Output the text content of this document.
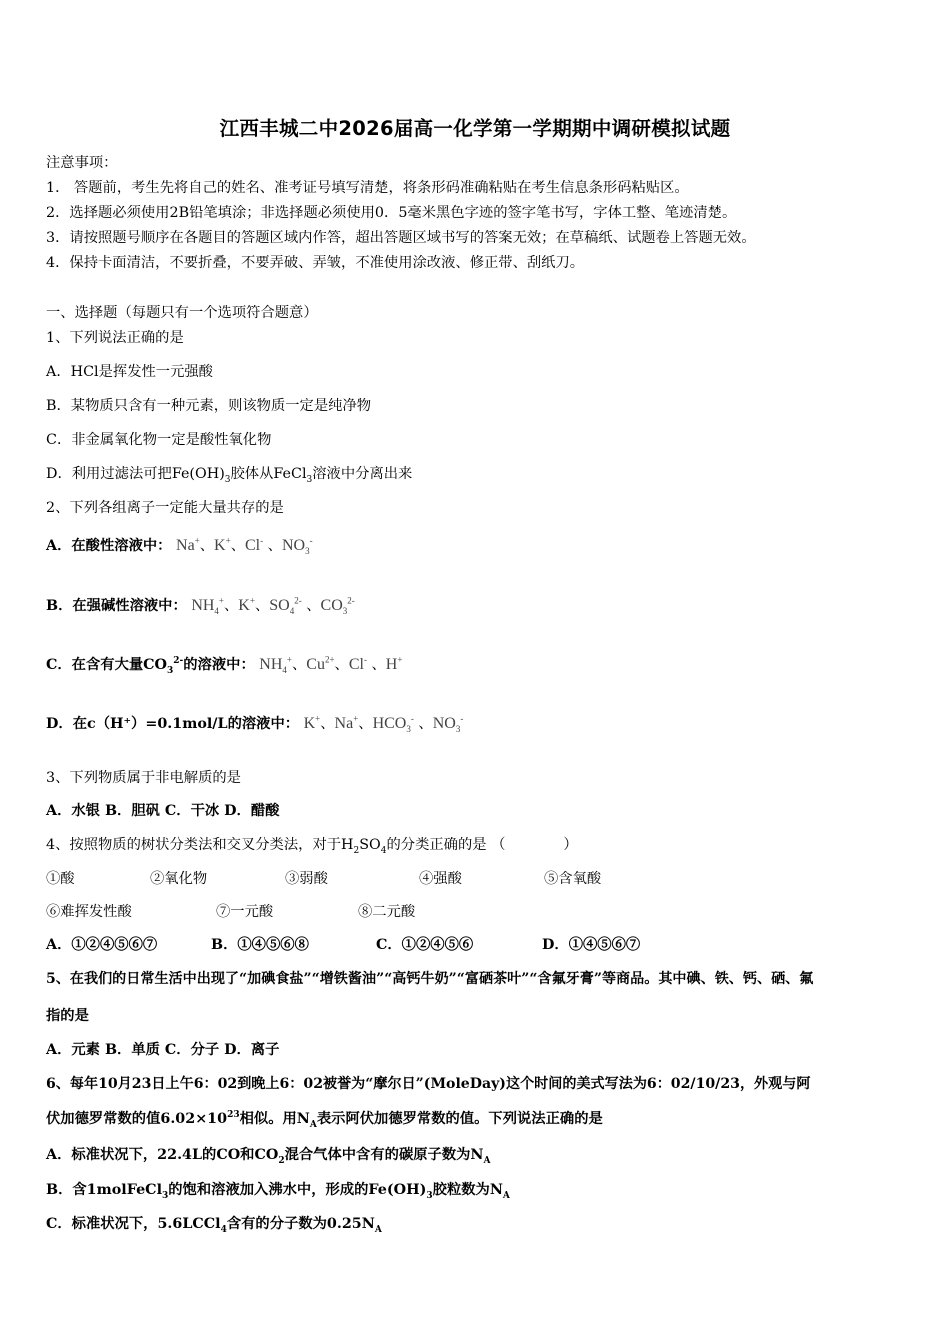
江西丰城二中2026届高一化学第一学期期中调研模拟试题
注意事项：
1． 答题前，考生先将自己的姓名、准考证号填写清楚，将条形码准确粘贴在考生信息条形码粘贴区。
2．选择题必须使用2B铅笔填涂；非选择题必须使用0．5毫米黑色字迹的签字笔书写，字体工整、笔迹清楚。
3．请按照题号顺序在各题目的答题区域内作答，超出答题区域书写的答案无效；在草稿纸、试题卷上答题无效。
4．保持卡面清洁，不要折叠，不要弄破、弄皱，不准使用涂改液、修正带、刮纸刀。
一、选择题（每题只有一个选项符合题意）
1、下列说法正确的是
A．HCl是挥发性一元强酸
B．某物质只含有一种元素，则该物质一定是纯净物
C．非金属氧化物一定是酸性氧化物
D．利用过滤法可把$Fe(OH)_3$胶体从FeCl$_3$溶液中分离出来
2、下列各组离子一定能大量共存的是
A．在酸性溶液中： Na+、K+、Cl- 、$NO_3^-$
B．在强碱性溶液中： $NH_4^+$、K+、$SO_4^{2-}$ 、$CO_3^{2-}$
C．在含有大量$CO_3^{2-}$的溶液中： $NH_4^+$、$Cu^{2+}$、Cl- 、H+
D．在c（H⁺）=0.1mol/L的溶液中： K+、Na+、$HCO_3^-$ 、$NO_3^-$
3、下列物质属于非电解质的是
A．水银 B．胆矾 C．干冰 D．醋酸
4、按照物质的树状分类法和交叉分类法，对于$H_2SO_4$的分类正确的是 （	）
①酸	②氧化物	③弱酸	④强酸	⑤含氧酸
⑥难挥发性酸	⑦一元酸	⑧二元酸
A．①②④⑤⑥⑦	B．①④⑤⑥⑧	C．①②④⑤⑥	D．①④⑤⑥⑦
5、在我们的日常生活中出现了“加碘食盐”“增铁酱油”“高钙牛奶”“富硒茶叶”“含氟牙膏”等商品。其中碘、铁、钙、硒、氟
指的是
A．元素 B．单质 C．分子 D．离子
6、每年10月23日上午6：02到晚上6：02被誉为“摩尔日”(MoleDay)这个时间的美式写法为6：02/10/23，外观与阿
伏加德罗常数的值$6.02\times 10^{23}$相似。用$N_A$表示阿伏加德罗常数的值。下列说法正确的是
A．标准状况下，22.4L的CO和$CO_2$混合气体中含有的碳原子数为$N_A$
B．含1molFeCl$_3$的饱和溶液加入沸水中，形成的$Fe(OH)_3$胶粒数为$N_A$
C．标准状况下，5.6LCCl$_4$含有的分子数为$0.25N_A$
